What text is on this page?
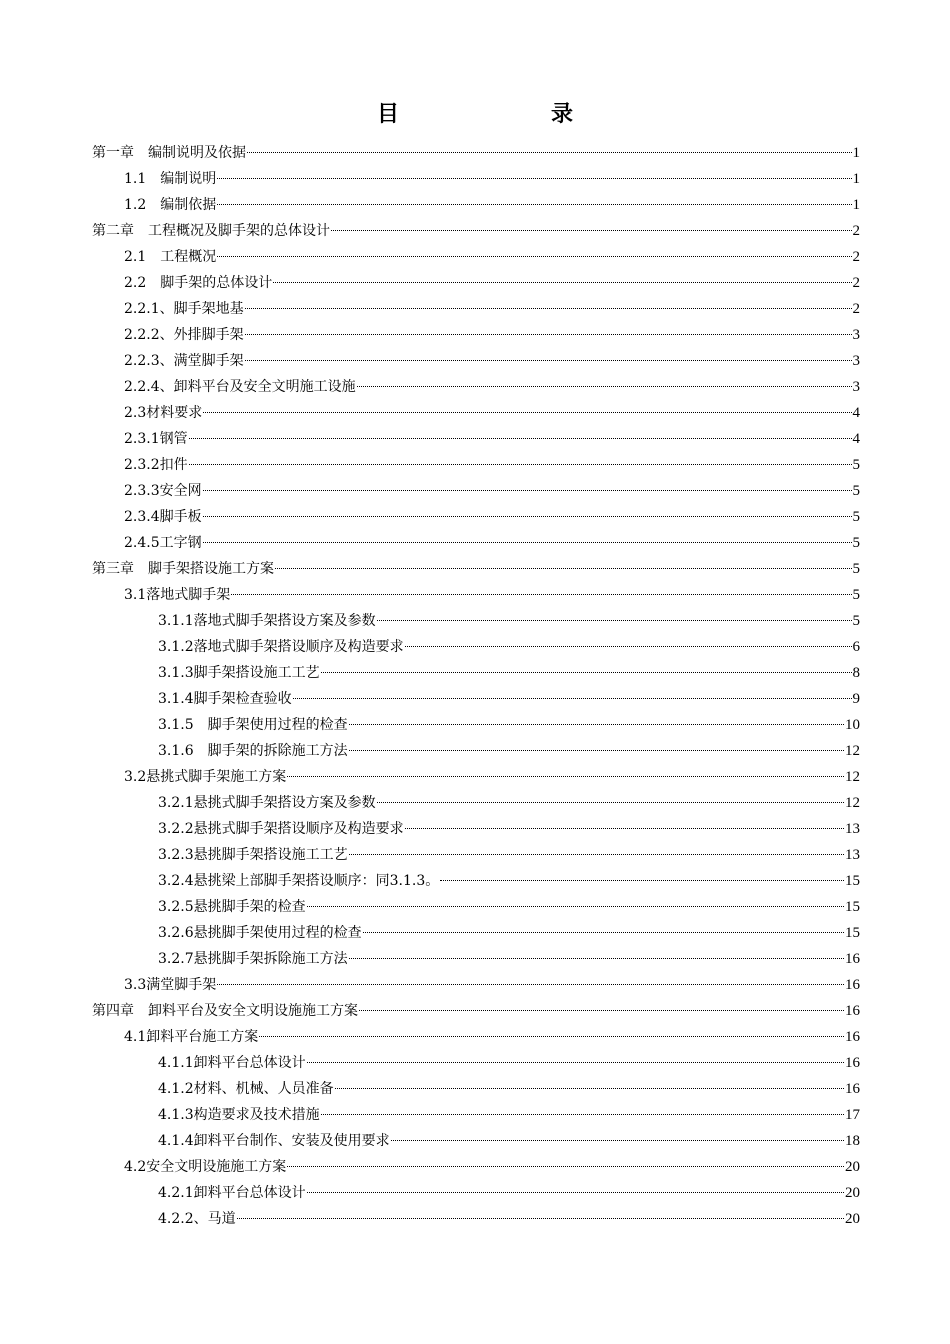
目　　录
第一章　编制说明及依据	1
1.1　编制说明	1
1.2　编制依据	1
第二章　工程概况及脚手架的总体设计	2
2.1　工程概况	2
2.2　脚手架的总体设计	2
2.2.1、脚手架地基	2
2.2.2、外排脚手架	3
2.2.3、满堂脚手架	3
2.2.4、卸料平台及安全文明施工设施	3
2.3材料要求	4
2.3.1钢管	4
2.3.2扣件	5
2.3.3安全网	5
2.3.4脚手板	5
2.4.5工字钢	5
第三章　脚手架搭设施工方案	5
3.1落地式脚手架	5
3.1.1落地式脚手架搭设方案及参数	5
3.1.2落地式脚手架搭设顺序及构造要求	6
3.1.3脚手架搭设施工工艺	8
3.1.4脚手架检查验收	9
3.1.5　脚手架使用过程的检查	10
3.1.6　脚手架的拆除施工方法	12
3.2悬挑式脚手架施工方案	12
3.2.1悬挑式脚手架搭设方案及参数	12
3.2.2悬挑式脚手架搭设顺序及构造要求	13
3.2.3悬挑脚手架搭设施工工艺	13
3.2.4悬挑梁上部脚手架搭设顺序：同3.1.3。	15
3.2.5悬挑脚手架的检查	15
3.2.6悬挑脚手架使用过程的检查	15
3.2.7悬挑脚手架拆除施工方法	16
3.3满堂脚手架	16
第四章　卸料平台及安全文明设施施工方案	16
4.1卸料平台施工方案	16
4.1.1卸料平台总体设计	16
4.1.2材料、机械、人员准备	16
4.1.3构造要求及技术措施	17
4.1.4卸料平台制作、安装及使用要求	18
4.2安全文明设施施工方案	20
4.2.1卸料平台总体设计	20
4.2.2、马道	20
